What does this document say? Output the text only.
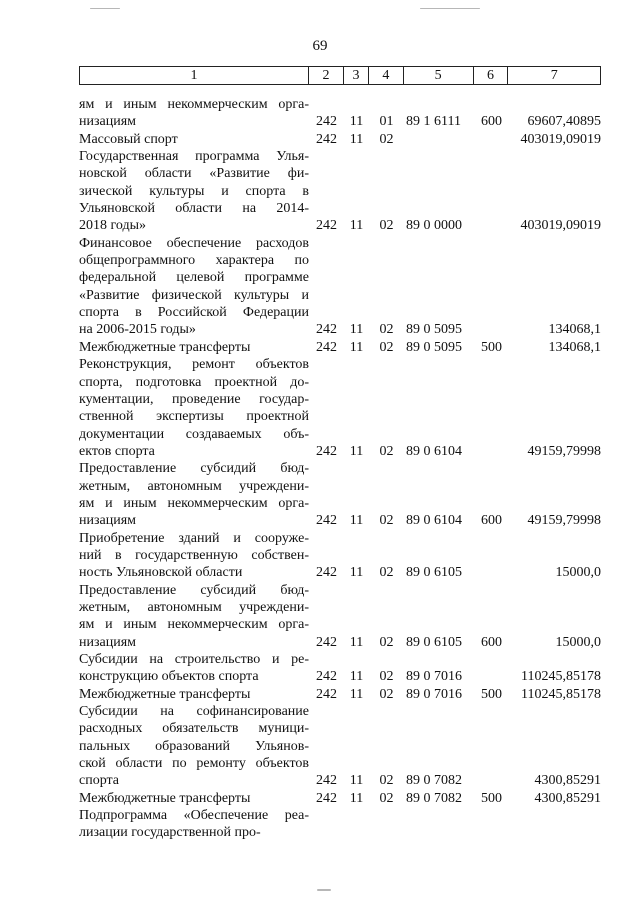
69
1	2	3	4	5	6	7
ям и иным некоммерческим орга-
низациям	242 11	01 89 1 6111	600	69607,40895
Массовый спорт	242 11	02	403019,09019
Государственная программа Улья-
новской области «Развитие фи-
зической культуры и спорта в
Ульяновской области на 2014-
2018 годы»	242 11	02 89 0 0000	403019,09019
Финансовое обеспечение расходов
общепрограммного характера по
федеральной целевой программе
«Развитие физической культуры и
спорта в Российской Федерации
на 2006-2015 годы»	242 11	02 89 0 5095	134068,1
Межбюджетные трансферты	242 11	02 89 0 5095	500	134068,1
Реконструкция, ремонт объектов
спорта, подготовка проектной до-
кументации, проведение государ-
ственной экспертизы проектной
документации создаваемых объ-
ектов спорта	242 11	02 89 0 6104	49159,79998
Предоставление субсидий бюд-
жетным, автономным учреждени-
ям и иным некоммерческим орга-
низациям	242 11	02 89 0 6104	600	49159,79998
Приобретение зданий и сооруже-
ний в государственную собствен-
ность Ульяновской области	242 11	02 89 0 6105	15000,0
Предоставление субсидий бюд-
жетным, автономным учреждени-
ям и иным некоммерческим орга-
низациям	242 11	02 89 0 6105	600	15000,0
Субсидии на строительство и ре-
конструкцию объектов спорта	242 11	02 89 0 7016	110245,85178
Межбюджетные трансферты	242 11	02 89 0 7016	500	110245,85178
Субсидии на софинансирование
расходных обязательств муници-
пальных образований Ульянов-
ской области по ремонту объектов
спорта	242 11	02 89 0 7082	4300,85291
Межбюджетные трансферты	242 11	02 89 0 7082	500	4300,85291
Подпрограмма «Обеспечение реа-
лизации государственной про-
